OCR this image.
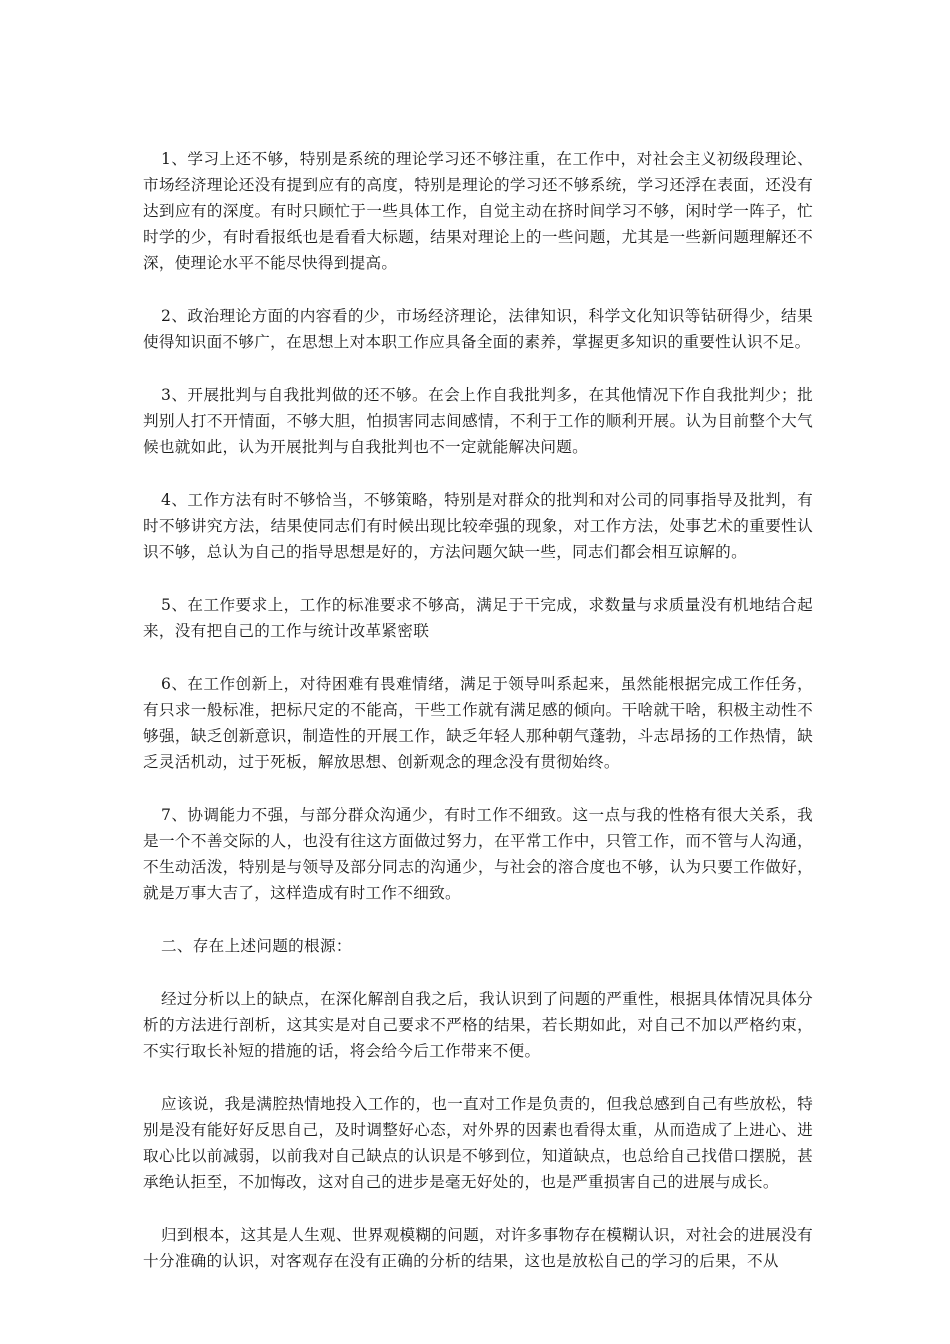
1、学习上还不够，特别是系统的理论学习还不够注重，在工作中，对社会主义初级段理论、市场经济理论还没有提到应有的高度，特别是理论的学习还不够系统，学习还浮在表面，还没有达到应有的深度。有时只顾忙于一些具体工作，自觉主动在挤时间学习不够，闲时学一阵子，忙时学的少，有时看报纸也是看看大标题，结果对理论上的一些问题，尤其是一些新问题理解还不深，使理论水平不能尽快得到提高。

2、政治理论方面的内容看的少，市场经济理论，法律知识，科学文化知识等钻研得少，结果使得知识面不够广，在思想上对本职工作应具备全面的素养，掌握更多知识的重要性认识不足。

3、开展批判与自我批判做的还不够。在会上作自我批判多，在其他情况下作自我批判少；批判别人打不开情面，不够大胆，怕损害同志间感情，不利于工作的顺利开展。认为目前整个大气候也就如此，认为开展批判与自我批判也不一定就能解决问题。

4、工作方法有时不够恰当，不够策略，特别是对群众的批判和对公司的同事指导及批判，有时不够讲究方法，结果使同志们有时候出现比较牵强的现象，对工作方法，处事艺术的重要性认识不够，总认为自己的指导思想是好的，方法问题欠缺一些，同志们都会相互谅解的。

5、在工作要求上，工作的标准要求不够高，满足于干完成，求数量与求质量没有机地结合起来，没有把自己的工作与统计改革紧密联

6、在工作创新上，对待困难有畏难情绪，满足于领导叫系起来，虽然能根据完成工作任务，有只求一般标准，把标尺定的不能高，干些工作就有满足感的倾向。干啥就干啥，积极主动性不够强，缺乏创新意识，制造性的开展工作，缺乏年轻人那种朝气蓬勃，斗志昂扬的工作热情，缺乏灵活机动，过于死板，解放思想、创新观念的理念没有贯彻始终。

7、协调能力不强，与部分群众沟通少，有时工作不细致。这一点与我的性格有很大关系，我是一个不善交际的人，也没有往这方面做过努力，在平常工作中，只管工作，而不管与人沟通，不生动活泼，特别是与领导及部分同志的沟通少，与社会的溶合度也不够，认为只要工作做好，就是万事大吉了，这样造成有时工作不细致。

二、存在上述问题的根源：

经过分析以上的缺点，在深化解剖自我之后，我认识到了问题的严重性，根据具体情况具体分析的方法进行剖析，这其实是对自己要求不严格的结果，若长期如此，对自己不加以严格约束，不实行取长补短的措施的话，将会给今后工作带来不便。

应该说，我是满腔热情地投入工作的，也一直对工作是负责的，但我总感到自己有些放松，特别是没有能好好反思自己，及时调整好心态，对外界的因素也看得太重，从而造成了上进心、进取心比以前减弱，以前我对自己缺点的认识是不够到位，知道缺点，也总给自己找借口摆脱，甚承绝认拒至，不加悔改，这对自己的进步是毫无好处的，也是严重损害自己的进展与成长。

归到根本，这其是人生观、世界观模糊的问题，对许多事物存在模糊认识，对社会的进展没有十分准确的认识，对客观存在没有正确的分析的结果，这也是放松自己的学习的后果，不从
